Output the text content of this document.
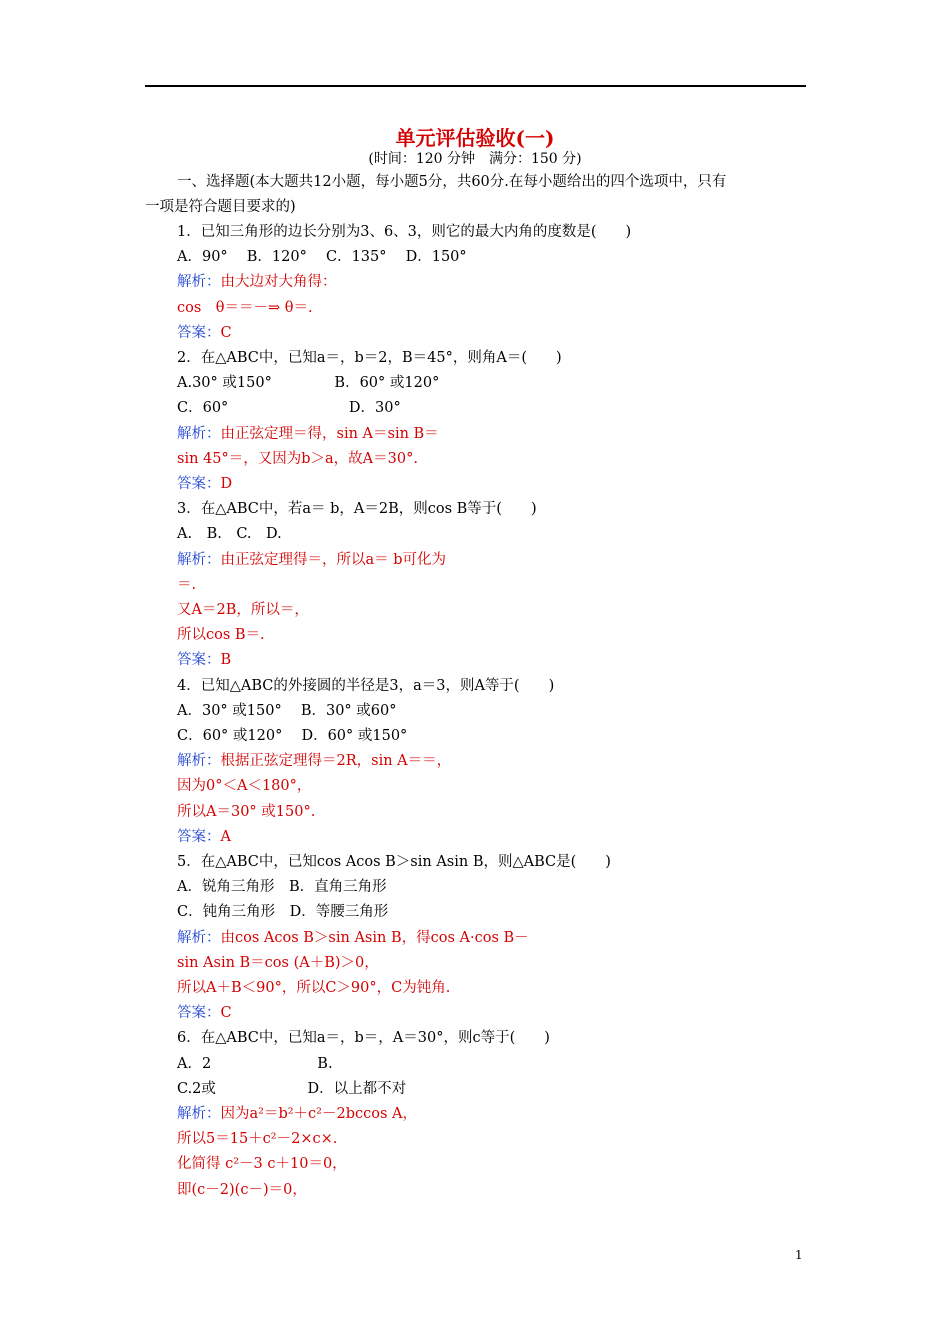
单元评估验收(一)
(时间：120 分钟　满分：150 分)
一、选择题(本大题共12小题，每小题5分，共60分.在每小题给出的四个选项中，只有
一项是符合题目要求的)
1．已知三角形的边长分别为3、6、3，则它的最大内角的度数是(　　)
A．90°　 B．120°　 C．135°　 D．150°
解析：由大边对大角得：
cos　θ＝＝－⇒ θ＝.
答案：C
2．在△ABC中，已知a＝，b＝2，B＝45°，则角A＝(　　)
A.30° 或150°　　　　 B．60° 或120°
C．60°　　　　　　　　 D．30°
解析：由正弦定理＝得，sin A＝sin B＝
sin 45°＝，又因为b＞a，故A＝30°.
答案：D
3．在△ABC中，若a＝ b，A＝2B，则cos B等于(　　)
A.　B.　C.　D.
解析：由正弦定理得＝，所以a＝ b可化为
＝.
又A＝2B，所以＝，
所以cos B＝.
答案：B
4．已知△ABC的外接圆的半径是3，a＝3，则A等于(　　)
A．30° 或150°　 B．30° 或60°
C．60° 或120°　 D．60° 或150°
解析：根据正弦定理得＝2R，sin A＝＝，
因为0°＜A＜180°，
所以A＝30° 或150°.
答案：A
5．在△ABC中，已知cos Acos B＞sin Asin B，则△ABC是(　　)
A．锐角三角形　B．直角三角形
C．钝角三角形　D．等腰三角形
解析：由cos Acos B＞sin Asin B，得cos A·cos B－
sin Asin B＝cos (A＋B)＞0，
所以A＋B＜90°，所以C＞90°，C为钝角.
答案：C
6．在△ABC中，已知a＝，b＝，A＝30°，则c等于(　　)
A．2　　　　　　　 B.
C.2或　　　　　　 D．以上都不对
解析：因为a²＝b²＋c²－2bccos A，
所以5＝15＋c²－2×c×.
化简得 c²－3 c＋10＝0，
即(c－2)(c－)＝0，
1
